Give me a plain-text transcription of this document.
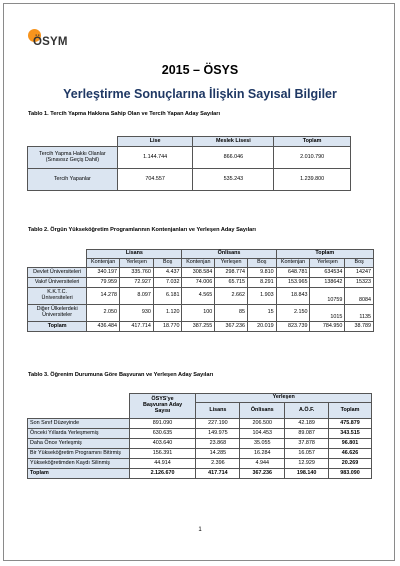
ÖSYM
2015 – ÖSYS
Yerleştirme Sonuçlarına İlişkin Sayısal Bilgiler
Tablo 1. Tercih Yapma Hakkına Sahip Olan ve Tercih Yapan Aday Sayıları
	Lise	Meslek Lisesi	Toplam
Tercih Yapma Hakkı Olanlar
(Sınavsız Geçiş Dahil)	1.144.744	866.046	2.010.790
Tercih Yapanlar	704.557	535.243	1.239.800
Tablo 2. Örgün Yükseköğretim Programlarının Kontenjanları ve Yerleşen Aday Sayıları
	Lisans			Önlisans			Toplam		
	Kontenjan	Yerleşen	Boş	Kontenjan	Yerleşen	Boş	Kontenjan	Yerleşen	Boş
Devlet Üniversiteleri	340.197	335.760	4.437	308.584	298.774	9.810	648.781	634534	14247
Vakıf Üniversiteleri	79.959	72.927	7.032	74.006	65.715	8.291	153.965	138642	15323
K.K.T.C.
Üniversiteleri	14.278	8.097	6.181	4.565	2.662	1.903	18.843	10759	8084
Diğer Ülkelerdeki
Üniversiteler	2.050	930	1.120	100	85	15	2.150	1015	1135
Toplam	436.484	417.714	18.770	387.255	367.236	20.019	823.739	784.950	38.789
Tablo 3. Öğrenim Durumuna Göre Başvuran ve Yerleşen Aday Sayıları
	ÖSYS'ye
Başvuran Aday
Sayısı	Yerleşen			
		Lisans	Önlisans	A.Ö.F.	Toplam
Son Sınıf Düzeyinde	891.090	227.190	206.500	42.189	475.879
Önceki Yıllarda Yerleşmemiş	630.635	149.975	104.453	89.087	343.515
Daha Önce Yerleşmiş	403.640	23.868	35.055	37.878	96.801
Bir Yükseköğretim Programını Bitirmiş	156.391	14.285	16.284	16.057	46.626
Yükseköğretimden Kaydı Silinmiş	44.914	2.396	4.944	12.929	20.269
Toplam	2.126.670	417.714	367.236	198.140	983.090
1
